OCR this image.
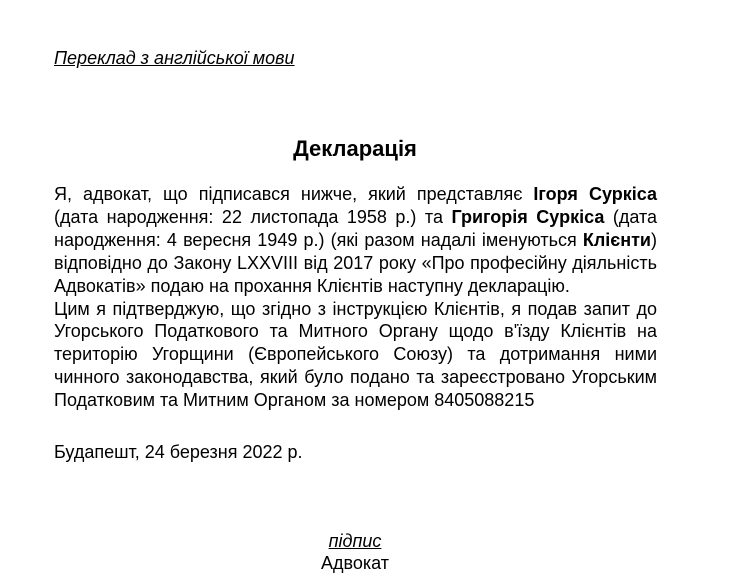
Переклад з англійської мови
Декларація

Я, адвокат, що підписався нижче, який представляє Ігоря Суркіса (дата народження: 22 листопада 1958 р.) та Григорія Суркіса (дата народження: 4 вересня 1949 р.) (які разом надалі іменуються Клієнти) відповідно до Закону LXXVIII від 2017 року «Про професійну діяльність Адвокатів» подаю на прохання Клієнтів наступну декларацію.

Цим я підтверджую, що згідно з інструкцією Клієнтів, я подав запит до Угорського Податкового та Митного Органу щодо в'їзду Клієнтів на територію Угорщини (Європейського Союзу) та дотримання ними чинного законодавства, який було подано та зареєстровано Угорським Податковим та Митним Органом за номером 8405088215

Будапешт, 24 березня 2022 р.
підпис
Адвокат
